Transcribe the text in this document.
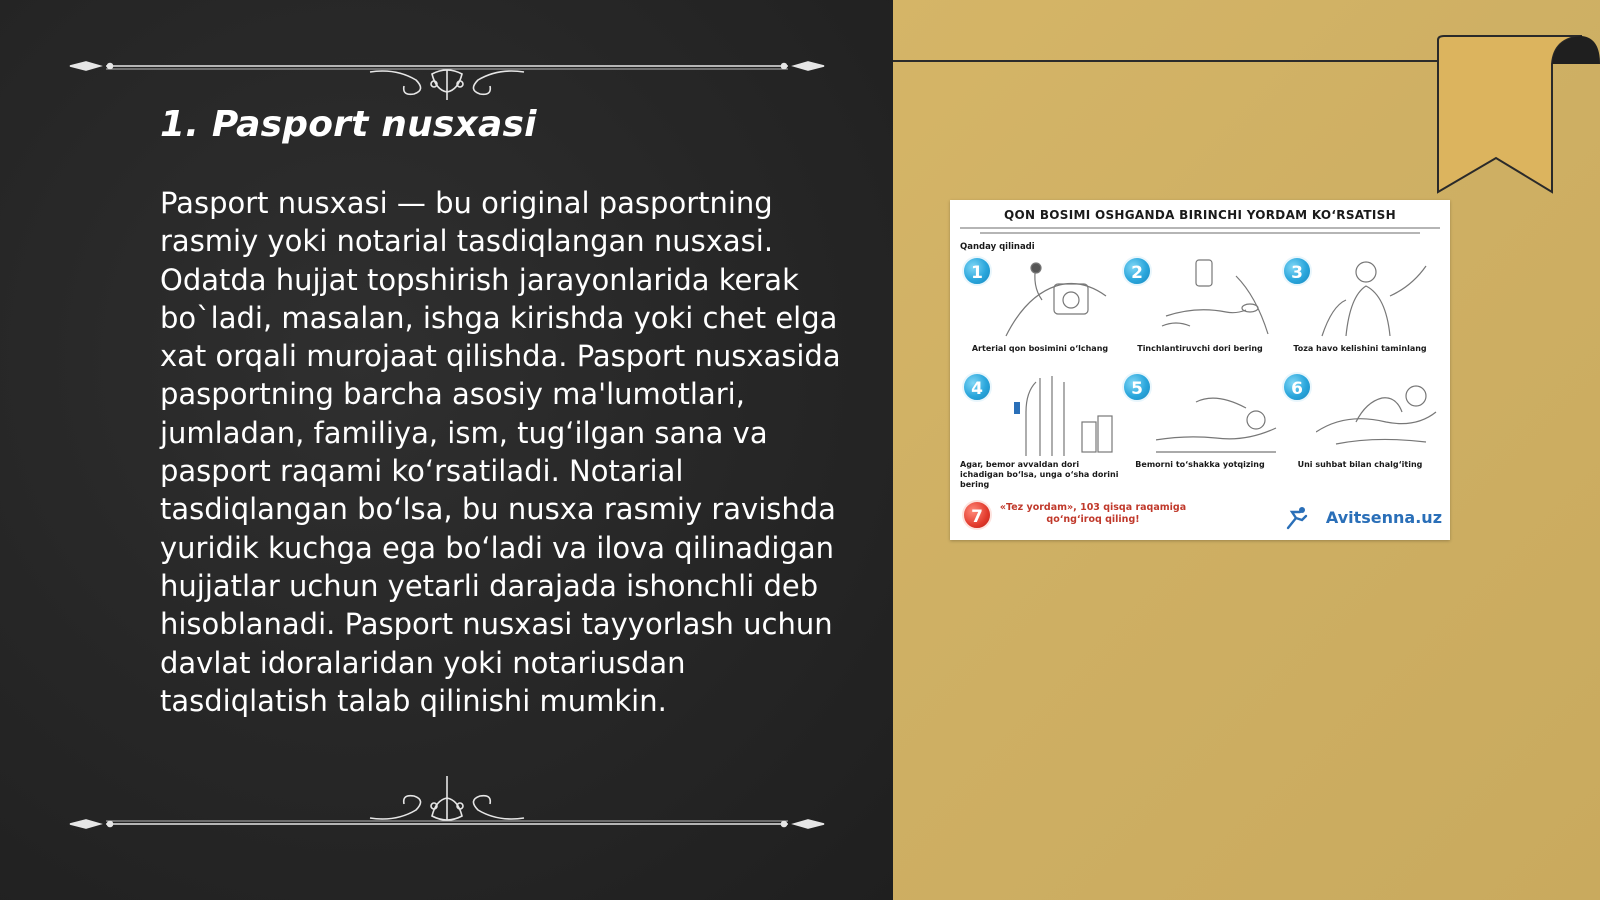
1. Pasport nusxasi

Pasport nusxasi — bu original pasportning rasmiy yoki notarial tasdiqlangan nusxasi. Odatda hujjat topshirish jarayonlarida kerak bo`ladi, masalan, ishga kirishda yoki chet elga xat orqali murojaat qilishda. Pasport nusxasida pasportning barcha asosiy ma'lumotlari, jumladan, familiya, ism, tug‘ilgan sana va pasport raqami ko‘rsatiladi. Notarial tasdiqlangan bo‘lsa, bu nusxa rasmiy ravishda yuridik kuchga ega bo‘ladi va ilova qilinadigan hujjatlar uchun yetarli darajada ishonchli deb hisoblanadi. Pasport nusxasi tayyorlash uchun davlat idoralaridan yoki notariusdan tasdiqlatish talab qilinishi mumkin.

QON BOSIMI OSHGANDA BIRINCHI YORDAM KO‘RSATISH
Qanday qilinadi
1
Arterial qon bosimini o‘lchang
2
Tinchlantiruvchi dori bering
3
Toza havo kelishini taminlang
4
Agar, bemor avvaldan dori ichadigan bo‘lsa, unga o‘sha dorini bering
5
Bemorni to‘shakka yotqizing
6
Uni suhbat bilan chalg‘iting
7	«Tez yordam», 103 qisqa raqamiga qo‘ng‘iroq qiling!	Avitsenna.uz
